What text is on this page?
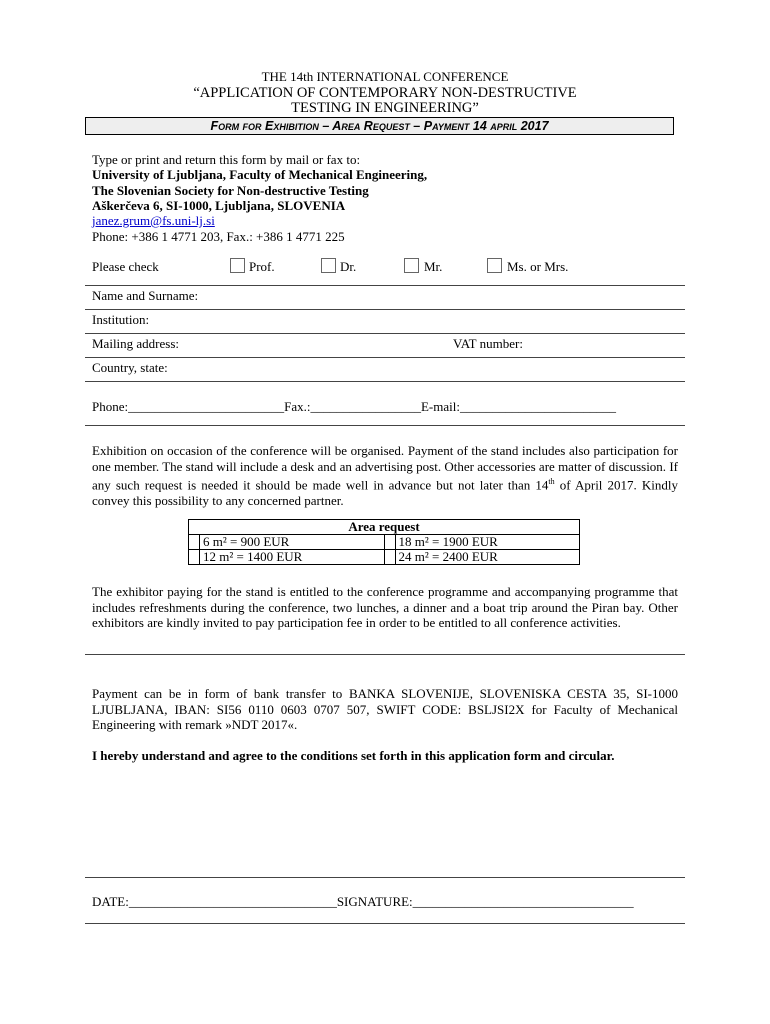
THE 14th INTERNATIONAL CONFERENCE
“APPLICATION OF CONTEMPORARY NON-DESTRUCTIVE
TESTING IN ENGINEERING”
Form for Exhibition – Area Request – Payment 14 april 2017
Type or print and return this form by mail or fax to:
University of Ljubljana, Faculty of Mechanical Engineering,
The Slovenian Society for Non-destructive Testing
Aškerčeva 6, SI-1000, Ljubljana, SLOVENIA
janez.grum@fs.uni-lj.si
Phone: +386 1 4771 203, Fax.: +386 1 4771 225
Please check	Prof.	Dr.	Mr.	Ms. or Mrs.
Name and Surname:
Institution:
Mailing address:	VAT number:
Country, state:
Phone:________________________Fax.:_________________E-mail:________________________
Exhibition on occasion of the conference will be organised. Payment of the stand includes also participation for one member. The stand will include a desk and an advertising post. Other accessories are matter of discussion. If any such request is needed it should be made well in advance but not later than 14th of April 2017. Kindly convey this possibility to any concerned partner.
Area request			
	6 m² = 900 EUR		18 m² = 1900 EUR
	12 m² = 1400 EUR		24 m² = 2400 EUR
The exhibitor paying for the stand is entitled to the conference programme and accompanying programme that includes refreshments during the conference, two lunches, a dinner and a boat trip around the Piran bay. Other exhibitors are kindly invited to pay participation fee in order to be entitled to all conference activities.
Payment can be in form of bank transfer to BANKA SLOVENIJE, SLOVENISKA CESTA 35, SI-1000 LJUBLJANA, IBAN: SI56 0110 0603 0707 507, SWIFT CODE: BSLJSI2X for Faculty of Mechanical Engineering with remark »NDT 2017«.
I hereby understand and agree to the conditions set forth in this application form and circular.
DATE:________________________________SIGNATURE:__________________________________
